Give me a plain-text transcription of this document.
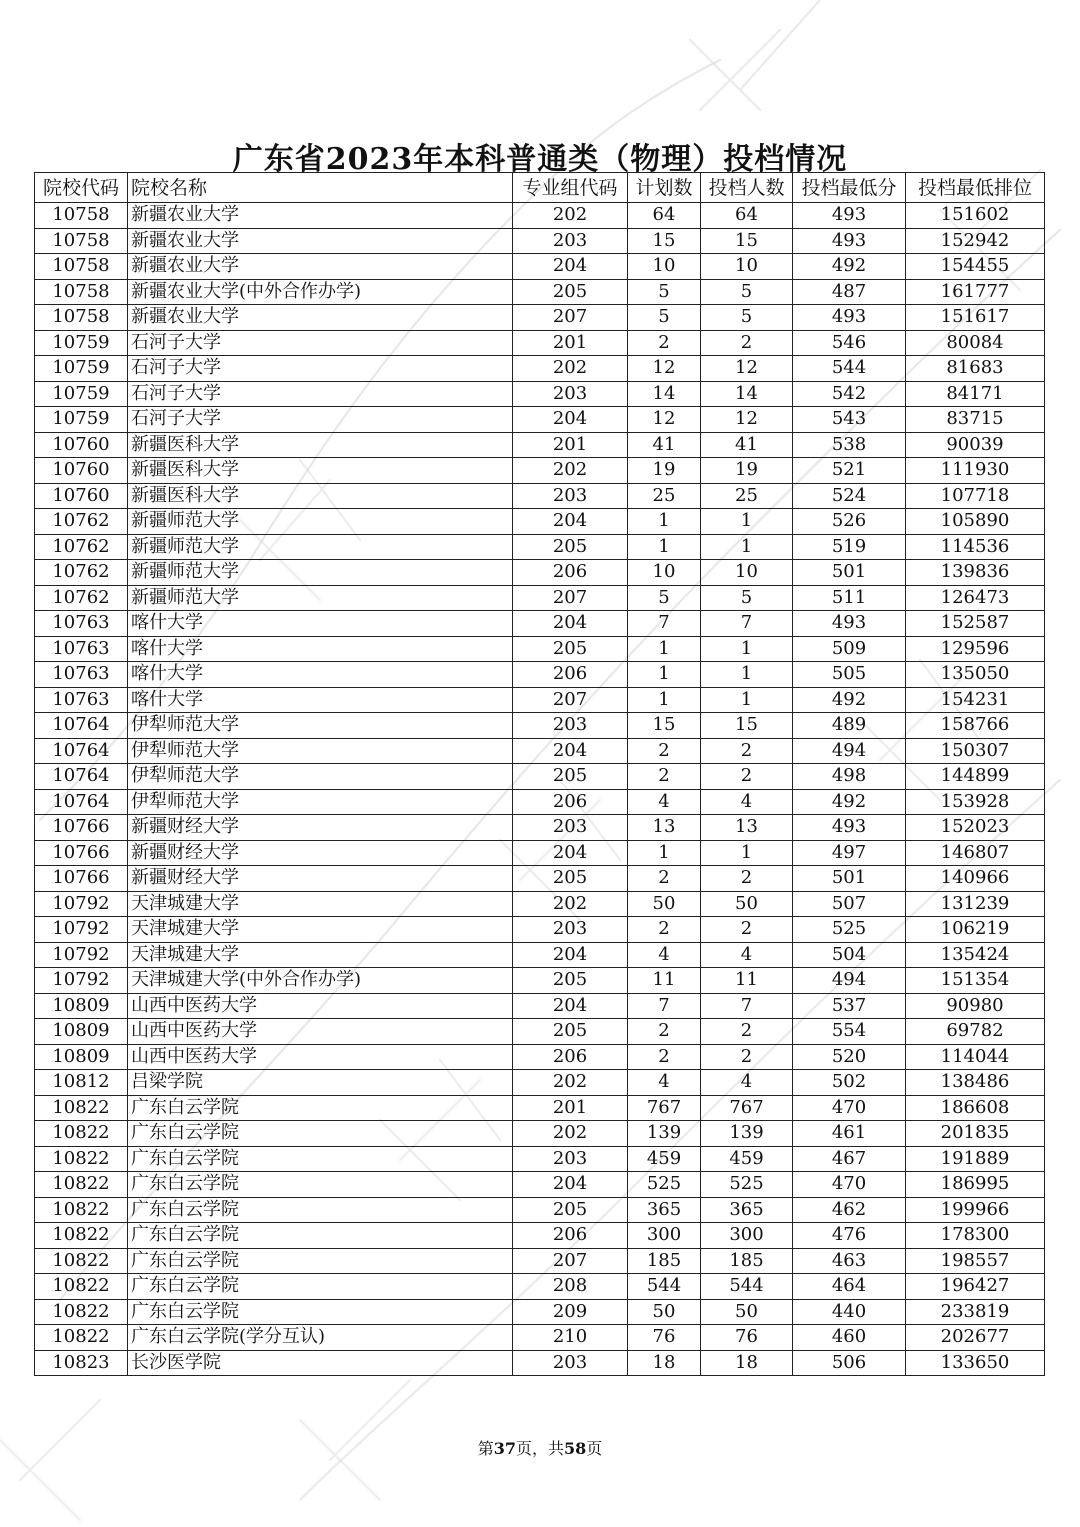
广东省2023年本科普通类（物理）投档情况
院校代码	院校名称	专业组代码	计划数	投档人数	投档最低分	投档最低排位
10758	新疆农业大学	202	64	64	493	151602
10758	新疆农业大学	203	15	15	493	152942
10758	新疆农业大学	204	10	10	492	154455
10758	新疆农业大学(中外合作办学)	205	5	5	487	161777
10758	新疆农业大学	207	5	5	493	151617
10759	石河子大学	201	2	2	546	80084
10759	石河子大学	202	12	12	544	81683
10759	石河子大学	203	14	14	542	84171
10759	石河子大学	204	12	12	543	83715
10760	新疆医科大学	201	41	41	538	90039
10760	新疆医科大学	202	19	19	521	111930
10760	新疆医科大学	203	25	25	524	107718
10762	新疆师范大学	204	1	1	526	105890
10762	新疆师范大学	205	1	1	519	114536
10762	新疆师范大学	206	10	10	501	139836
10762	新疆师范大学	207	5	5	511	126473
10763	喀什大学	204	7	7	493	152587
10763	喀什大学	205	1	1	509	129596
10763	喀什大学	206	1	1	505	135050
10763	喀什大学	207	1	1	492	154231
10764	伊犁师范大学	203	15	15	489	158766
10764	伊犁师范大学	204	2	2	494	150307
10764	伊犁师范大学	205	2	2	498	144899
10764	伊犁师范大学	206	4	4	492	153928
10766	新疆财经大学	203	13	13	493	152023
10766	新疆财经大学	204	1	1	497	146807
10766	新疆财经大学	205	2	2	501	140966
10792	天津城建大学	202	50	50	507	131239
10792	天津城建大学	203	2	2	525	106219
10792	天津城建大学	204	4	4	504	135424
10792	天津城建大学(中外合作办学)	205	11	11	494	151354
10809	山西中医药大学	204	7	7	537	90980
10809	山西中医药大学	205	2	2	554	69782
10809	山西中医药大学	206	2	2	520	114044
10812	吕梁学院	202	4	4	502	138486
10822	广东白云学院	201	767	767	470	186608
10822	广东白云学院	202	139	139	461	201835
10822	广东白云学院	203	459	459	467	191889
10822	广东白云学院	204	525	525	470	186995
10822	广东白云学院	205	365	365	462	199966
10822	广东白云学院	206	300	300	476	178300
10822	广东白云学院	207	185	185	463	198557
10822	广东白云学院	208	544	544	464	196427
10822	广东白云学院	209	50	50	440	233819
10822	广东白云学院(学分互认)	210	76	76	460	202677
10823	长沙医学院	203	18	18	506	133650
第37页，共58页
